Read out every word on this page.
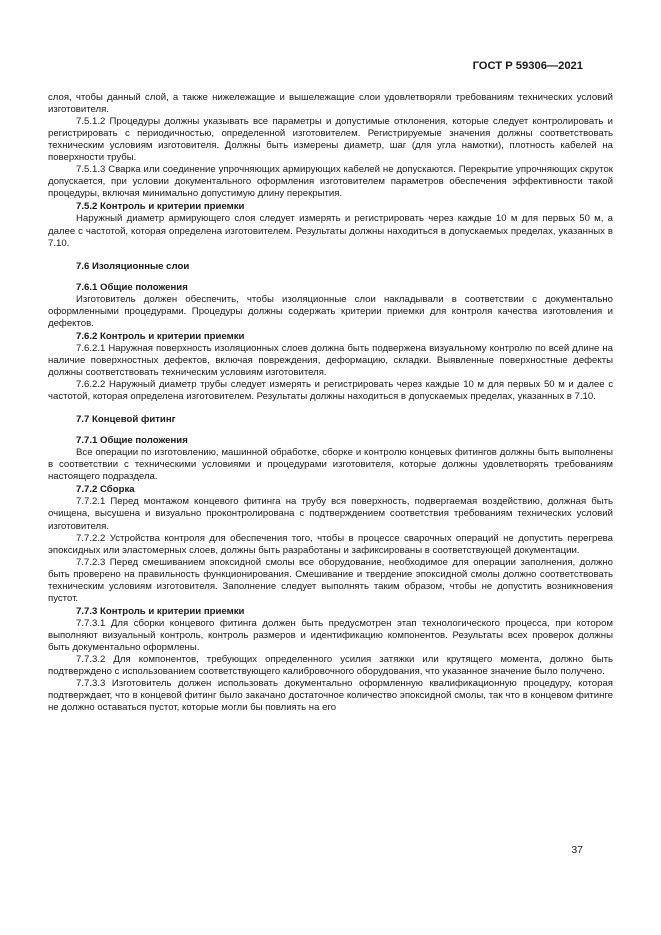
ГОСТ Р 59306—2021

слоя, чтобы данный слой, а также нижележащие и вышележащие слои удовлетворяли требованиям технических условий изготовителя.

7.5.1.2 Процедуры должны указывать все параметры и допустимые отклонения, которые следует контролировать и регистрировать с периодичностью, определенной изготовителем. Регистрируемые значения должны соответствовать техническим условиям изготовителя. Должны быть измерены диаметр, шаг (для угла намотки), плотность кабелей на поверхности трубы.

7.5.1.3 Сварка или соединение упрочняющих армирующих кабелей не допускаются. Перекрытие упрочняющих скруток допускается, при условии документального оформления изготовителем параметров обеспечения эффективности такой процедуры, включая минимально допустимую длину перекрытия.

7.5.2 Контроль и критерии приемки

Наружный диаметр армирующего слоя следует измерять и регистрировать через каждые 10 м для первых 50 м, а далее с частотой, которая определена изготовителем. Результаты должны находиться в допускаемых пределах, указанных в 7.10.

7.6 Изоляционные слои

7.6.1 Общие положения

Изготовитель должен обеспечить, чтобы изоляционные слои накладывали в соответствии с документально оформленными процедурами. Процедуры должны содержать критерии приемки для контроля качества изготовления и дефектов.

7.6.2 Контроль и критерии приемки

7.6.2.1 Наружная поверхность изоляционных слоев должна быть подвержена визуальному контролю по всей длине на наличие поверхностных дефектов, включая повреждения, деформацию, складки. Выявленные поверхностные дефекты должны соответствовать техническим условиям изготовителя.

7.6.2.2 Наружный диаметр трубы следует измерять и регистрировать через каждые 10 м для первых 50 м и далее с частотой, которая определена изготовителем. Результаты должны находиться в допускаемых пределах, указанных в 7.10.

7.7 Концевой фитинг

7.7.1 Общие положения

Все операции по изготовлению, машинной обработке, сборке и контролю концевых фитингов должны быть выполнены в соответствии с техническими условиями и процедурами изготовителя, которые должны удовлетворять требованиям настоящего подраздела.

7.7.2 Сборка

7.7.2.1 Перед монтажом концевого фитинга на трубу вся поверхность, подвергаемая воздействию, должная быть очищена, высушена и визуально проконтролирована с подтверждением соответствия требованиям технических условий изготовителя.

7.7.2.2 Устройства контроля для обеспечения того, чтобы в процессе сварочных операций не допустить перегрева эпоксидных или эластомерных слоев, должны быть разработаны и зафиксированы в соответствующей документации.

7.7.2.3 Перед смешиванием эпоксидной смолы все оборудование, необходимое для операции заполнения, должно быть проверено на правильность функционирования. Смешивание и твердение эпоксидной смолы должно соответствовать техническим условиям изготовителя. Заполнение следует выполнять таким образом, чтобы не допустить возникновения пустот.

7.7.3 Контроль и критерии приемки

7.7.3.1 Для сборки концевого фитинга должен быть предусмотрен этап технологического процесса, при котором выполняют визуальный контроль, контроль размеров и идентификацию компонентов. Результаты всех проверок должны быть документально оформлены.

7.7.3.2 Для компонентов, требующих определенного усилия затяжки или крутящего момента, должно быть подтверждено с использованием соответствующего калибровочного оборудования, что указанное значение было получено.

7.7.3.3 Изготовитель должен использовать документально оформленную квалификационную процедуру, которая подтверждает, что в концевой фитинг было закачано достаточное количество эпоксидной смолы, так что в концевом фитинге не должно оставаться пустот, которые могли бы повлиять на его

37
